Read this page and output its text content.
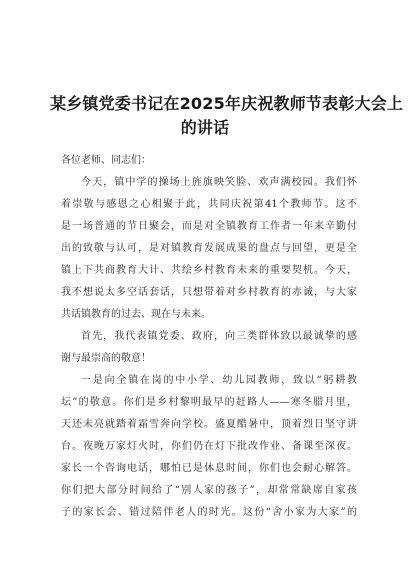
某乡镇党委书记在2025年庆祝教师节表彰大会上
的讲话
各位老师、同志们：
今天，镇中学的操场上旌旗映笑脸、欢声满校园。我们怀
着崇敬与感恩之心相聚于此，共同庆祝第41个教师节。这不
是一场普通的节日聚会，而是对全镇教育工作者一年来辛勤付
出的致敬与认可，是对镇教育发展成果的盘点与回望，更是全
镇上下共商教育大计、共绘乡村教育未来的重要契机。今天，
我不想说太多空话套话，只想带着对乡村教育的赤诚，与大家
共话镇教育的过去、现在与未来。
首先，我代表镇党委、政府，向三类群体致以最诚挚的感
谢与最崇高的敬意！
一是向全镇在岗的中小学、幼儿园教师，致以“躬耕教
坛”的敬意。你们是乡村黎明最早的赶路人——寒冬腊月里，
天还未亮就踏着霜雪奔向学校。盛夏酷暑中，顶着烈日坚守讲
台。夜晚万家灯火时，你们仍在灯下批改作业、备课至深夜。
家长一个咨询电话，哪怕已是休息时间，你们也会耐心解答。
你们把大部分时间给了“别人家的孩子”，却常常缺席自家孩
子的家长会、错过陪伴老人的时光。这份“舍小家为大家”的
